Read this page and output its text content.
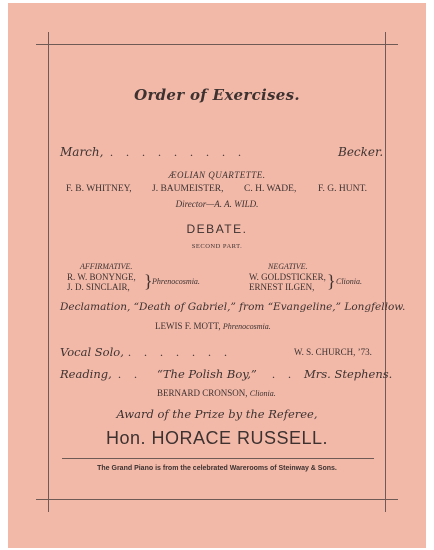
Order of Exercises.
March, . . . . . . . . .	Becker.
ÆOLIAN QUARTETTE.
F. B. WHITNEY, J. BAUMEISTER, C. H. WADE, F. G. HUNT.
Director—A. A. WILD.
DEBATE.
SECOND PART.
AFFIRMATIVE.
R. W. BONYNGE,
J. D. SINCLAIR, } Phrenocosmia.
NEGATIVE.
W. GOLDSTICKER,
ERNEST ILGEN, } Clionia.
Declamation, “Death of Gabriel,” from “Evangeline,” Longfellow.
LEWIS F. MOTT, Phrenocosmia.
Vocal Solo, . . . . . . .	W. S. CHURCH, ’73.
Reading, . . “The Polish Boy,” . . Mrs. Stephens.
BERNARD CRONSON, Clionia.
Award of the Prize by the Referee,
Hon. HORACE RUSSELL.
The Grand Piano is from the celebrated Warerooms of Steinway & Sons.
